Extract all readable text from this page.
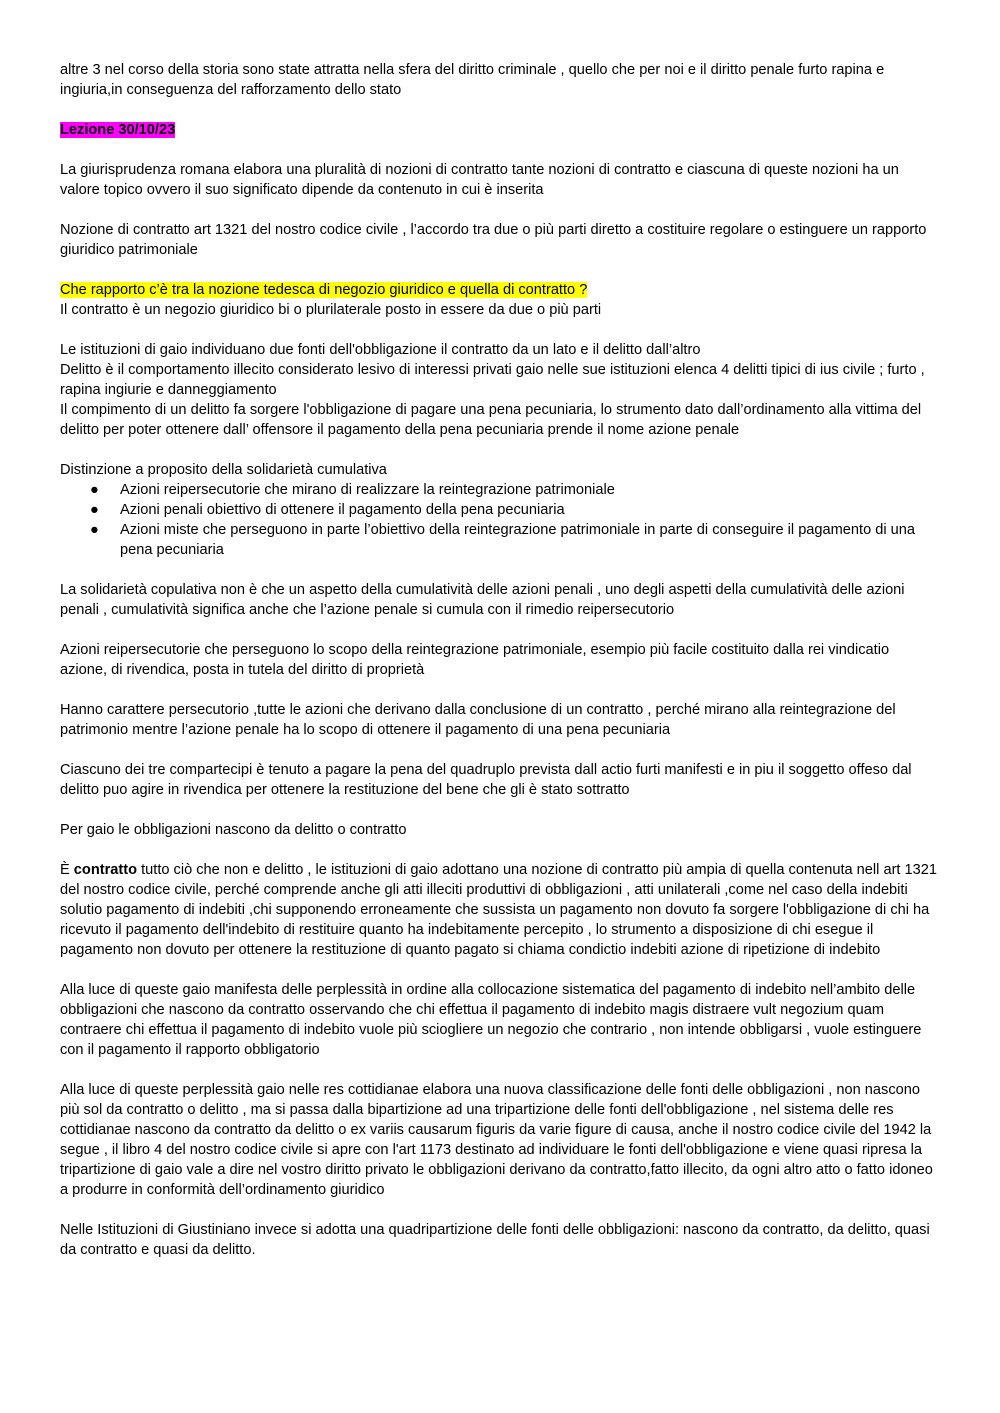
altre 3 nel corso della storia sono state attratta nella sfera del diritto criminale , quello che per noi e il diritto penale furto rapina e ingiuria,in conseguenza del rafforzamento dello stato

Lezione 30/10/23

La giurisprudenza romana elabora una pluralità di nozioni di contratto tante nozioni di contratto e ciascuna di queste nozioni ha un valore topico ovvero il suo significato dipende da contenuto in cui è inserita

Nozione di contratto art 1321 del nostro codice civile , l’accordo tra due o più parti diretto a costituire regolare o estinguere un rapporto giuridico patrimoniale

Che rapporto c’è tra la nozione tedesca di negozio giuridico e quella di contratto ?
Il contratto è un negozio giuridico bi o plurilaterale posto in essere da due o più parti

Le istituzioni di gaio individuano due fonti dell'obbligazione il contratto da un lato e il delitto dall’altro
Delitto è il comportamento illecito considerato lesivo di interessi privati gaio nelle sue istituzioni elenca 4 delitti tipici di ius civile ; furto , rapina ingiurie e danneggiamento
Il compimento di un delitto fa sorgere l'obbligazione di pagare una pena pecuniaria, lo strumento dato dall’ordinamento alla vittima del delitto per poter ottenere dall’ offensore il pagamento della pena pecuniaria prende il nome azione penale

Distinzione a proposito della solidarietà cumulativa

● Azioni reipersecutorie che mirano di realizzare la reintegrazione patrimoniale
● Azioni penali obiettivo di ottenere il pagamento della pena pecuniaria
● Azioni miste che perseguono in parte l’obiettivo della reintegrazione patrimoniale in parte di conseguire il pagamento di una pena pecuniaria

La solidarietà copulativa non è che un aspetto della cumulatività delle azioni penali , uno degli aspetti della cumulatività delle azioni penali , cumulatività significa anche che l’azione penale si cumula con il rimedio reipersecutorio

Azioni reipersecutorie che perseguono lo scopo della reintegrazione patrimoniale, esempio più facile costituito dalla rei vindicatio azione, di rivendica, posta in tutela del diritto di proprietà

Hanno carattere persecutorio ,tutte le azioni che derivano dalla conclusione di un contratto , perché mirano alla reintegrazione del patrimonio mentre l’azione penale ha lo scopo di ottenere il pagamento di una pena pecuniaria

Ciascuno dei tre compartecipi è tenuto a pagare la pena del quadruplo prevista dall actio furti manifesti e in piu il soggetto offeso dal delitto puo agire in rivendica per ottenere la restituzione del bene che gli è stato sottratto

Per gaio le obbligazioni nascono da delitto o contratto

È contratto tutto ciò che non e delitto , le istituzioni di gaio adottano una nozione di contratto più ampia di quella contenuta nell art 1321 del nostro codice civile, perché comprende anche gli atti illeciti produttivi di obbligazioni , atti unilaterali ,come nel caso della indebiti solutio pagamento di indebiti ,chi supponendo erroneamente che sussista un pagamento non dovuto fa sorgere l'obbligazione di chi ha ricevuto il pagamento dell'indebito di restituire quanto ha indebitamente percepito , lo strumento a disposizione di chi esegue il pagamento non dovuto per ottenere la restituzione di quanto pagato si chiama condictio indebiti azione di ripetizione di indebito

Alla luce di queste gaio manifesta delle perplessità in ordine alla collocazione sistematica del pagamento di indebito nell’ambito delle obbligazioni che nascono da contratto osservando che chi effettua il pagamento di indebito magis distraere vult negozium quam contraere chi effettua il pagamento di indebito vuole più sciogliere un negozio che contrario , non intende obbligarsi , vuole estinguere con il pagamento il rapporto obbligatorio

Alla luce di queste perplessità gaio nelle res cottidianae elabora una nuova classificazione delle fonti delle obbligazioni , non nascono più sol da contratto o delitto , ma si passa dalla bipartizione ad una tripartizione delle fonti dell'obbligazione , nel sistema delle res cottidianae nascono da contratto da delitto o ex variis causarum figuris da varie figure di causa, anche il nostro codice civile del 1942 la segue , il libro 4 del nostro codice civile si apre con l'art 1173 destinato ad individuare le fonti dell'obbligazione e viene quasi ripresa la tripartizione di gaio vale a dire nel vostro diritto privato le obbligazioni derivano da contratto,fatto illecito, da ogni altro atto o fatto idoneo a produrre in conformità dell’ordinamento giuridico

Nelle Istituzioni di Giustiniano invece si adotta una quadripartizione delle fonti delle obbligazioni: nascono da contratto, da delitto, quasi da contratto e quasi da delitto.
